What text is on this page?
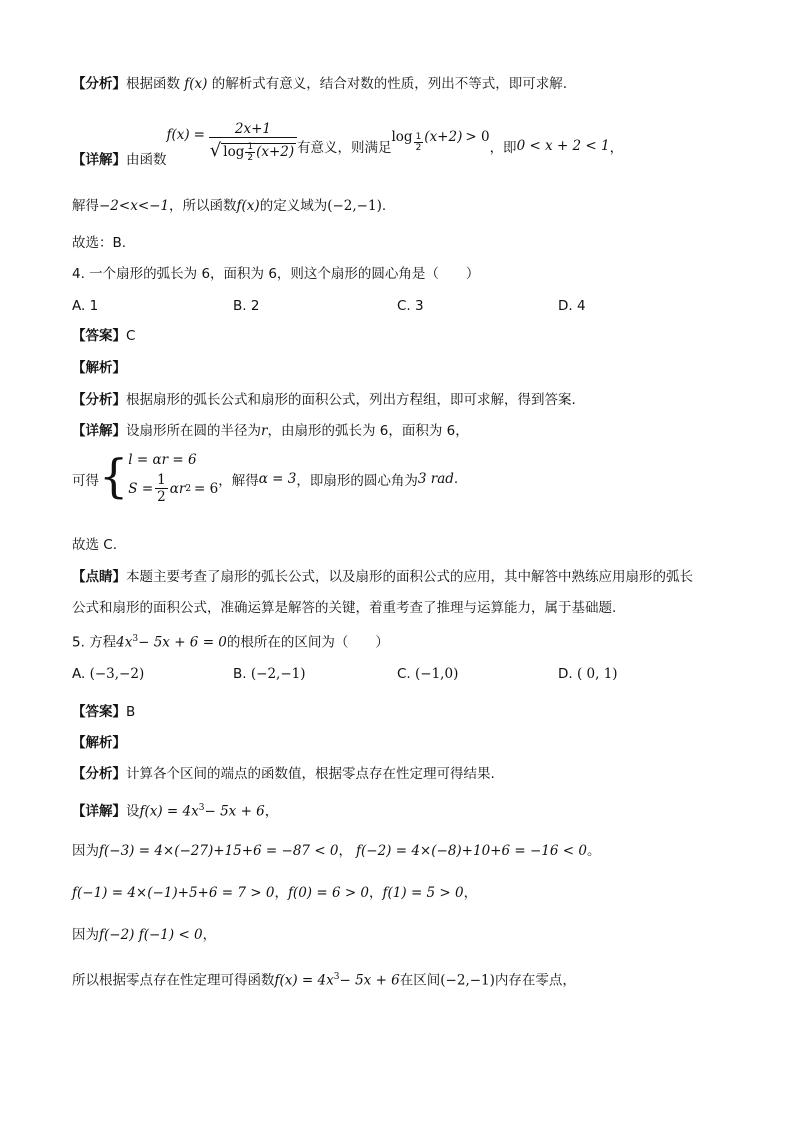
【分析】根据函数 f(x) 的解析式有意义，结合对数的性质，列出不等式，即可求解.
【详解】 由函数
$f(x) = \frac{2x+1}{√ \log \frac{1}{2} (x+2)}$ 有意义，则满足
$\log \frac{1}{2} (x+2) > 0$
，即 0 < x + 2 < 1 ，
解得−2<x<−1，所以函数f(x)的定义域为(−2,−1).
故选：B.
4. 一个扇形的弧长为 6，面积为 6，则这个扇形的圆心角是（　　）
A. 1	B. 2	C. 3	D. 4
【答案】C
【解析】
【分析】根据扇形的弧长公式和扇形的面积公式，列出方程组，即可求解，得到答案.
【详解】设扇形所在圆的半径为r，由扇形的弧长为 6，面积为 6，
可得 { l = αr = 6
$S = \frac{1}{2}$ αr 2 = 6 ，解得 α = 3 ，即扇形的圆心角为 3 rad .
故选 C.
【点睛】本题主要考查了扇形的弧长公式，以及扇形的面积公式的应用，其中解答中熟练应用扇形的弧长
公式和扇形的面积公式，准确运算是解答的关键，着重考查了推理与运算能力，属于基础题.
5. 方程$4x^3- 5x + 6 = 0$的根所在的区间为（　　）
A. (−3,−2)	B. (−2,−1)	C. (−1,0)	D. ( 0, 1)
【答案】B
【解析】
【分析】计算各个区间的端点的函数值，根据零点存在性定理可得结果.
【详解】设$f(x) = 4x^3- 5x + 6$，
因为f(−3) = 4×(−27)+15+6 = −87 < 0， f(−2) = 4×(−8)+10+6 = −16 < 0。
f(−1) = 4×(−1)+5+6 = 7 > 0，f(0) = 6 > 0，f(1) = 5 > 0，
因为f(−2) f(−1) < 0，
所以根据零点存在性定理可得函数$f(x) = 4x^3- 5x + 6$在区间(−2,−1)内存在零点，
